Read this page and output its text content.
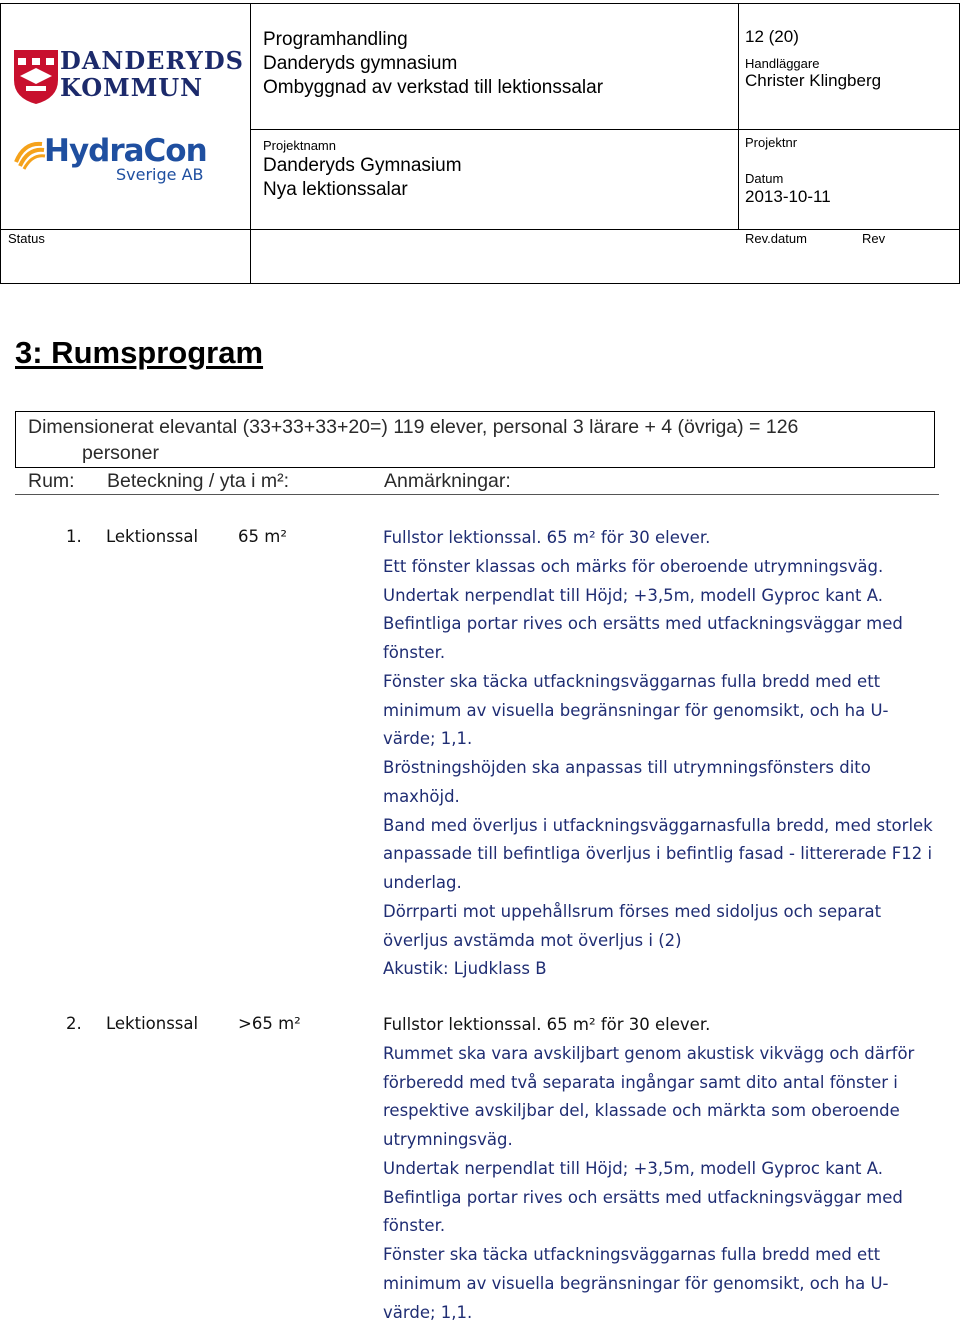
DANDERYDS
KOMMUN
HydraCon
Sverige AB
Programhandling
Danderyds gymnasium
Ombyggnad av verkstad till lektionssalar
12 (20)
Handläggare
Christer Klingberg
Projektnamn
Danderyds Gymnasium
Nya lektionssalar
Projektnr
Datum
2013-10-11
Status	Rev.datum	Rev
3: Rumsprogram
Dimensionerat elevantal (33+33+33+20=) 119 elever, personal 3 lärare + 4 (övriga) = 126
personer
Rum: Beteckning / yta i m²:	Anmärkningar:
1. Lektionssal 65 m²	Fullstor lektionssal. 65 m² för 30 elever.
Ett fönster klassas och märks för oberoende utrymningsväg.
Undertak nerpendlat till Höjd; +3,5m, modell Gyproc kant A.
Befintliga portar rives och ersätts med utfackningsväggar med
fönster.
Fönster ska täcka utfackningsväggarnas fulla bredd med ett
minimum av visuella begränsningar för genomsikt, och ha U-
värde; 1,1.
Bröstningshöjden ska anpassas till utrymningsfönsters dito
maxhöjd.
Band med överljus i utfackningsväggarnasfulla bredd, med storlek
anpassade till befintliga överljus i befintlig fasad - littererade F12 i
underlag.
Dörrparti mot uppehållsrum förses med sidoljus och separat
överljus avstämda mot överljus i (2)
Akustik: Ljudklass B
2. Lektionssal >65 m²	Fullstor lektionssal. 65 m² för 30 elever.
Rummet ska vara avskiljbart genom akustisk vikvägg och därför
förberedd med två separata ingångar samt dito antal fönster i
respektive avskiljbar del, klassade och märkta som oberoende
utrymningsväg.
Undertak nerpendlat till Höjd; +3,5m, modell Gyproc kant A.
Befintliga portar rives och ersätts med utfackningsväggar med
fönster.
Fönster ska täcka utfackningsväggarnas fulla bredd med ett
minimum av visuella begränsningar för genomsikt, och ha U-
värde; 1,1.
